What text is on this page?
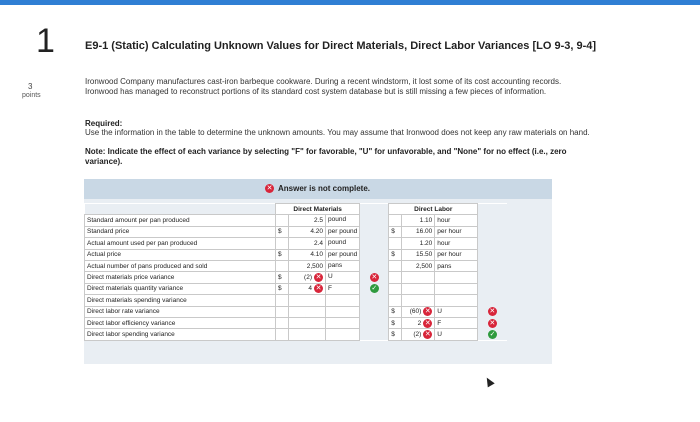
1
3
points
E9-1 (Static) Calculating Unknown Values for Direct Materials, Direct Labor Variances [LO 9-3, 9-4]
Ironwood Company manufactures cast-iron barbeque cookware. During a recent windstorm, it lost some of its cost accounting records. Ironwood has managed to reconstruct portions of its standard cost system database but is still missing a few pieces of information.
Required:
Use the information in the table to determine the unknown amounts. You may assume that Ironwood does not keep any raw materials on hand.
Note: Indicate the effect of each variance by selecting "F" for favorable, "U" for unfavorable, and "None" for no effect (i.e., zero variance).
✕ Answer is not complete.
	Direct Materials				Direct Labor			
Standard amount per pan produced		2.5	pound			1.10	hour	
Standard price	$	4.20	per pound		$	16.00	per hour	
Actual amount used per pan produced		2.4	pound			1.20	hour	
Actual price	$	4.10	per pound		$	15.50	per hour	
Actual number of pans produced and sold		2,500	pans			2,500	pans	
Direct materials price variance	$	(2) ✕	U	✕				
Direct materials quantity variance	$	4 ✕	F	✓				
Direct materials spending variance								
Direct labor rate variance					$	(60) ✕	U	✕
Direct labor efficiency variance					$	2 ✕	F	✕
Direct labor spending variance					$	(2) ✕	U	✓
